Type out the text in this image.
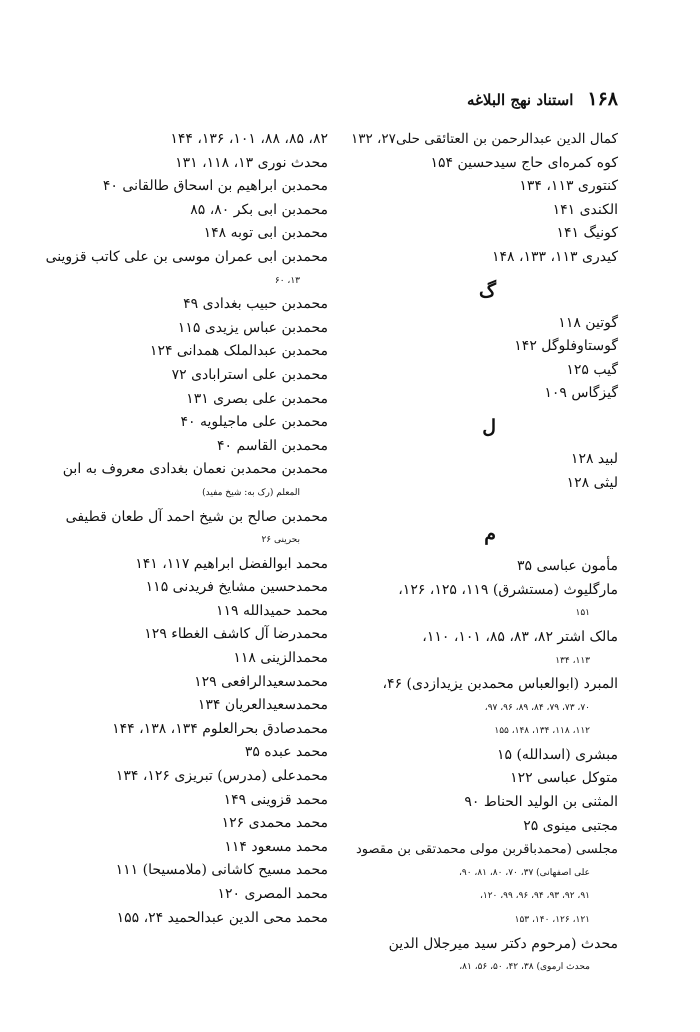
۱۶۸
استناد نهج البلاغه
کمال الدین عبدالرحمن بن العتائقی حلی۲۷، ۱۳۲
کوه کمره‌ای حاج سیدحسین ۱۵۴
کنتوری ۱۱۳، ۱۳۴
الکندی ۱۴۱
کونیگ ۱۴۱
کیدری ۱۱۳، ۱۳۳، ۱۴۸
گ
گوتین ۱۱۸
گوستاوفلوگل ۱۴۲
گیب ۱۲۵
گیزگاس ۱۰۹
ل
لبید ۱۲۸
لیثی ۱۲۸
م
مأمون عباسی ۳۵
مارگلیوث (مستشرق) ۱۱۹، ۱۲۵، ۱۲۶،
۱۵۱
مالک اشتر ۸۲، ۸۳، ۸۵، ۱۰۱، ۱۱۰،
۱۱۳، ۱۳۴
المبرد (ابوالعباس محمدبن یزیدازدی) ۴۶،
۷۰، ۷۳، ۷۹، ۸۴، ۸۹، ۹۶، ۹۷،
۱۱۲، ۱۱۸، ۱۳۴، ۱۴۸، ۱۵۵
مبشری (اسدالله) ۱۵
متوکل عباسی ۱۲۲
المثنی بن الولید الحناط ۹۰
مجتبی مینوی ۲۵
مجلسی (محمدباقربن مولی محمدتقی بن مقصود
علی اصفهانی) ۳۷، ۷۰، ۸۰، ۸۱، ۹۰،
۹۱، ۹۲، ۹۳، ۹۴، ۹۶، ۹۹، ۱۲۰،
۱۲۱، ۱۲۶، ۱۴۰، ۱۵۳
محدث (مرحوم دکتر سید میرجلال الدین
محدث ارموی) ۳۸، ۴۲، ۵۰، ۵۶، ۸۱،
۸۲، ۸۵، ۸۸، ۱۰۱، ۱۳۶، ۱۴۴
محدث نوری ۱۳، ۱۱۸، ۱۳۱
محمدبن ابراهیم بن اسحاق طالقانی ۴۰
محمدبن ابی بکر ۸۰، ۸۵
محمدبن ابی توبه ۱۴۸
محمدبن ابی عمران موسی بن علی کاتب قزوینی
۱۳، ۶۰
محمدبن حبیب بغدادی ۴۹
محمدبن عباس یزیدی ۱۱۵
محمدبن عبدالملک همدانی ۱۲۴
محمدبن علی استرابادی ۷۲
محمدبن علی بصری ۱۳۱
محمدبن علی ماجیلویه ۴۰
محمدبن القاسم ۴۰
محمدبن محمدبن نعمان بغدادی معروف به ابن
المعلم (رک به: شیخ مفید)
محمدبن صالح بن شیخ احمد آل طعان قطیفی
بحرینی ۲۶
محمد ابوالفضل ابراهیم ۱۱۷، ۱۴۱
محمدحسین مشایخ فریدنی ۱۱۵
محمد حمیدالله ۱۱۹
محمدرضا آل کاشف الغطاء ۱۲۹
محمدالزینی ۱۱۸
محمدسعیدالرافعی ۱۲۹
محمدسعیدالعریان ۱۳۴
محمدصادق بحرالعلوم ۱۳۴، ۱۳۸، ۱۴۴
محمد عبده ۳۵
محمدعلی (مدرس) تبریزی ۱۲۶، ۱۳۴
محمد قزوینی ۱۴۹
محمد محمدی ۱۲۶
محمد مسعود ۱۱۴
محمد مسیح کاشانی (ملامسیحا) ۱۱۱
محمد المصری ۱۲۰
محمد محی الدین عبدالحمید ۲۴، ۱۵۵
